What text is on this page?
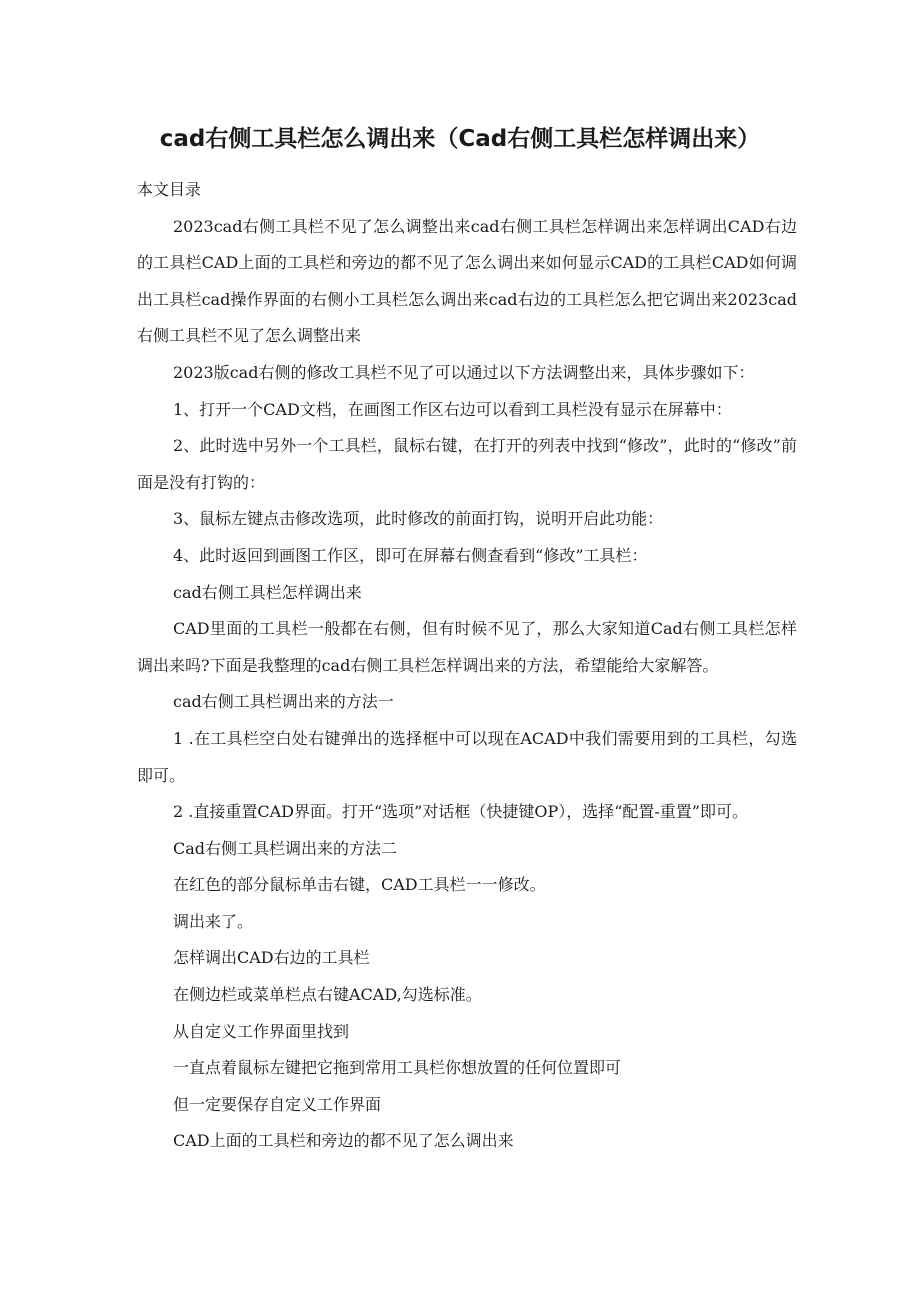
cad右侧工具栏怎么调出来（Cad右侧工具栏怎样调出来）

本文目录

2023cad右侧工具栏不见了怎么调整出来cad右侧工具栏怎样调出来怎样调出CAD右边的工具栏CAD上面的工具栏和旁边的都不见了怎么调出来如何显示CAD的工具栏CAD如何调出工具栏cad操作界面的右侧小工具栏怎么调出来cad右边的工具栏怎么把它调出来2023cad右侧工具栏不见了怎么调整出来

2023版cad右侧的修改工具栏不见了可以通过以下方法调整出来，具体步骤如下：

1、打开一个CAD文档，在画图工作区右边可以看到工具栏没有显示在屏幕中：

2、此时选中另外一个工具栏，鼠标右键，在打开的列表中找到“修改”，此时的“修改”前面是没有打钩的：

3、鼠标左键点击修改选项，此时修改的前面打钩，说明开启此功能：

4、此时返回到画图工作区，即可在屏幕右侧查看到“修改”工具栏：

cad右侧工具栏怎样调出来

CAD里面的工具栏一般都在右侧，但有时候不见了，那么大家知道Cad右侧工具栏怎样调出来吗?下面是我整理的cad右侧工具栏怎样调出来的方法，希望能给大家解答。

cad右侧工具栏调出来的方法一

1 .在工具栏空白处右键弹出的选择框中可以现在ACAD中我们需要用到的工具栏，勾选即可。

2 .直接重置CAD界面。打开“选项”对话框（快捷键OP），选择“配置-重置”即可。

Cad右侧工具栏调出来的方法二

在红色的部分鼠标单击右键，CAD工具栏一一修改。

调出来了。

怎样调出CAD右边的工具栏

在侧边栏或菜单栏点右键ACAD,勾选标准。

从自定义工作界面里找到

一直点着鼠标左键把它拖到常用工具栏你想放置的任何位置即可

但一定要保存自定义工作界面

CAD上面的工具栏和旁边的都不见了怎么调出来
